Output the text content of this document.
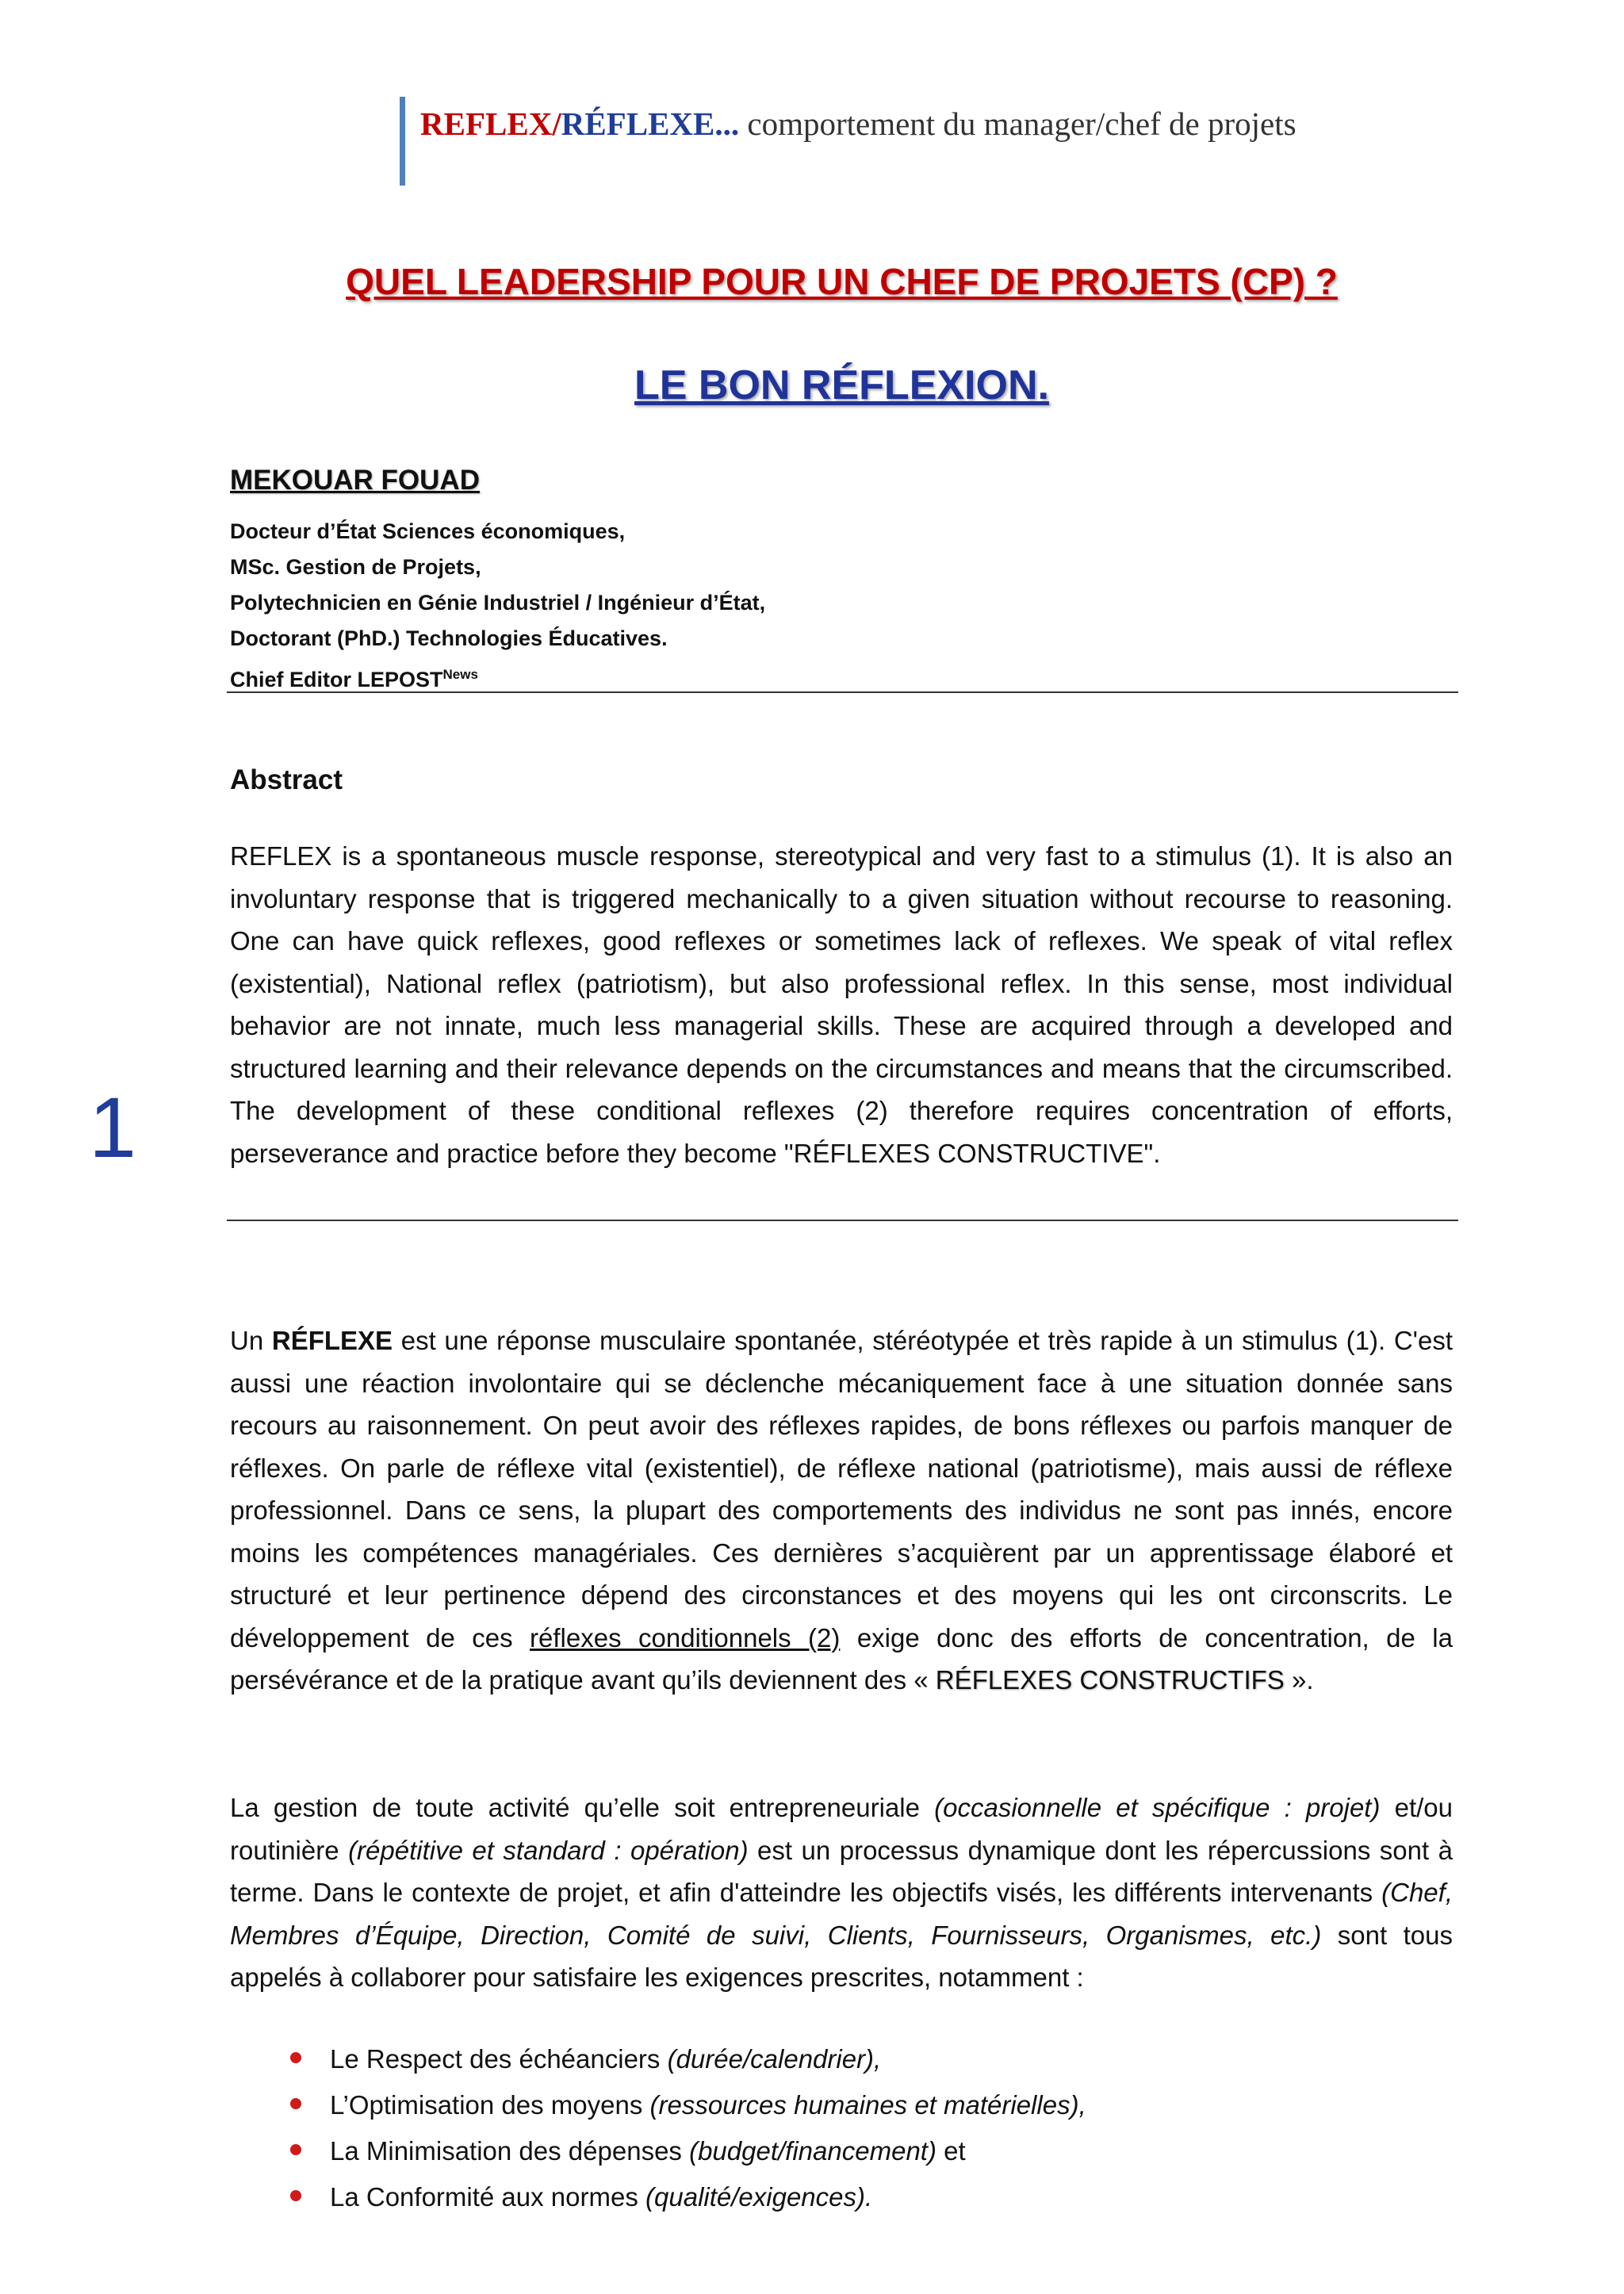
REFLEX/RÉFLEXE... comportement du manager/chef de projets
QUEL LEADERSHIP POUR UN CHEF DE PROJETS (CP) ?
LE BON RÉFLEXION.
MEKOUAR FOUAD
Docteur d’État Sciences économiques,
MSc. Gestion de Projets,
Polytechnicien en Génie Industriel / Ingénieur d’État,
Doctorant (PhD.) Technologies Éducatives.
Chief Editor $LEPOST^{News}$
Abstract

REFLEX is a spontaneous muscle response, stereotypical and very fast to a stimulus (1). It is also an involuntary response that is triggered mechanically to a given situation without recourse to reasoning. One can have quick reflexes, good reflexes or sometimes lack of reflexes. We speak of vital reflex (existential), National reflex (patriotism), but also professional reflex. In this sense, most individual behavior are not innate, much less managerial skills. These are acquired through a developed and structured learning and their relevance depends on the circumstances and means that the circumscribed. The development of these conditional reflexes (2) therefore requires concentration of efforts, perseverance and practice before they become "RÉFLEXES CONSTRUCTIVE".

1

Un RÉFLEXE est une réponse musculaire spontanée, stéréotypée et très rapide à un stimulus (1). C'est aussi une réaction involontaire qui se déclenche mécaniquement face à une situation donnée sans recours au raisonnement. On peut avoir des réflexes rapides, de bons réflexes ou parfois manquer de réflexes. On parle de réflexe vital (existentiel), de réflexe national (patriotisme), mais aussi de réflexe professionnel. Dans ce sens, la plupart des comportements des individus ne sont pas innés, encore moins les compétences managériales. Ces dernières s’acquièrent par un apprentissage élaboré et structuré et leur pertinence dépend des circonstances et des moyens qui les ont circonscrits. Le développement de ces réflexes conditionnels (2) exige donc des efforts de concentration, de la persévérance et de la pratique avant qu’ils deviennent des « RÉFLEXES CONSTRUCTIFS ».

La gestion de toute activité qu’elle soit entrepreneuriale (occasionnelle et spécifique : projet) et/ou routinière (répétitive et standard : opération) est un processus dynamique dont les répercussions sont à terme. Dans le contexte de projet, et afin d'atteindre les objectifs visés, les différents intervenants (Chef, Membres d’Équipe, Direction, Comité de suivi, Clients, Fournisseurs, Organismes, etc.) sont tous appelés à collaborer pour satisfaire les exigences prescrites, notamment :

Le Respect des échéanciers (durée/calendrier),
L’Optimisation des moyens (ressources humaines et matérielles),
La Minimisation des dépenses (budget/financement) et
La Conformité aux normes (qualité/exigences).
